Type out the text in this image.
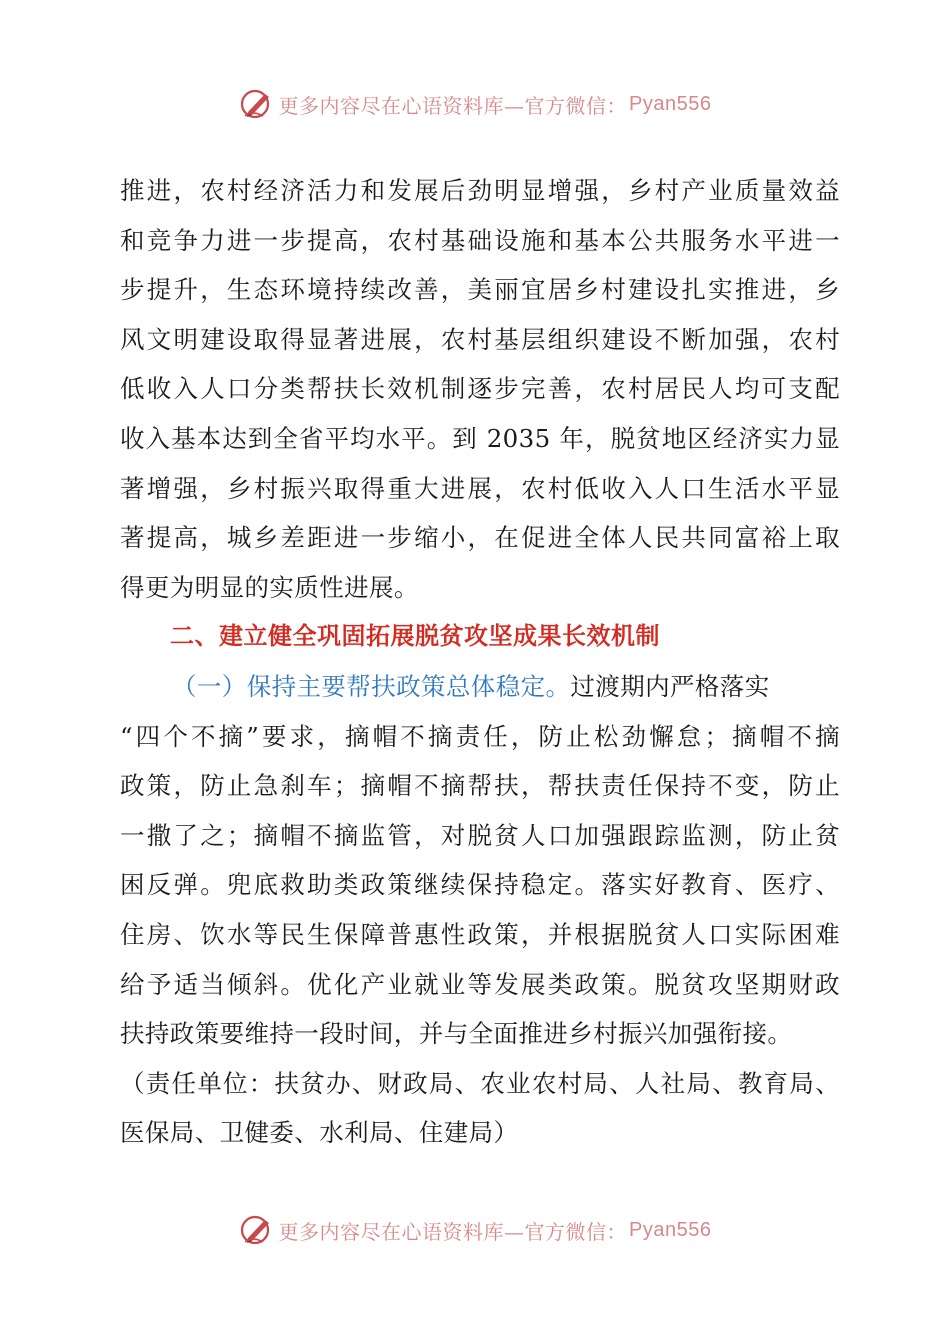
更多内容尽在心语资料库—官方微信： Pyan556
推进，农村经济活力和发展后劲明显增强，乡村产业质量效益
和竞争力进一步提高，农村基础设施和基本公共服务水平进一
步提升，生态环境持续改善，美丽宜居乡村建设扎实推进，乡
风文明建设取得显著进展，农村基层组织建设不断加强，农村
低收入人口分类帮扶长效机制逐步完善，农村居民人均可支配
收入基本达到全省平均水平。到 2035 年，脱贫地区经济实力显
著增强，乡村振兴取得重大进展，农村低收入人口生活水平显
著提高，城乡差距进一步缩小，在促进全体人民共同富裕上取
得更为明显的实质性进展。
二、建立健全巩固拓展脱贫攻坚成果长效机制
（一）保持主要帮扶政策总体稳定。过渡期内严格落实
“四个不摘”要求，摘帽不摘责任，防止松劲懈怠；摘帽不摘
政策，防止急刹车；摘帽不摘帮扶，帮扶责任保持不变，防止
一撒了之；摘帽不摘监管，对脱贫人口加强跟踪监测，防止贫
困反弹。兜底救助类政策继续保持稳定。落实好教育、医疗、
住房、饮水等民生保障普惠性政策，并根据脱贫人口实际困难
给予适当倾斜。优化产业就业等发展类政策。脱贫攻坚期财政
扶持政策要维持一段时间，并与全面推进乡村振兴加强衔接。
（责任单位：扶贫办、财政局、农业农村局、人社局、教育局、
医保局、卫健委、水利局、住建局）
更多内容尽在心语资料库—官方微信： Pyan556
